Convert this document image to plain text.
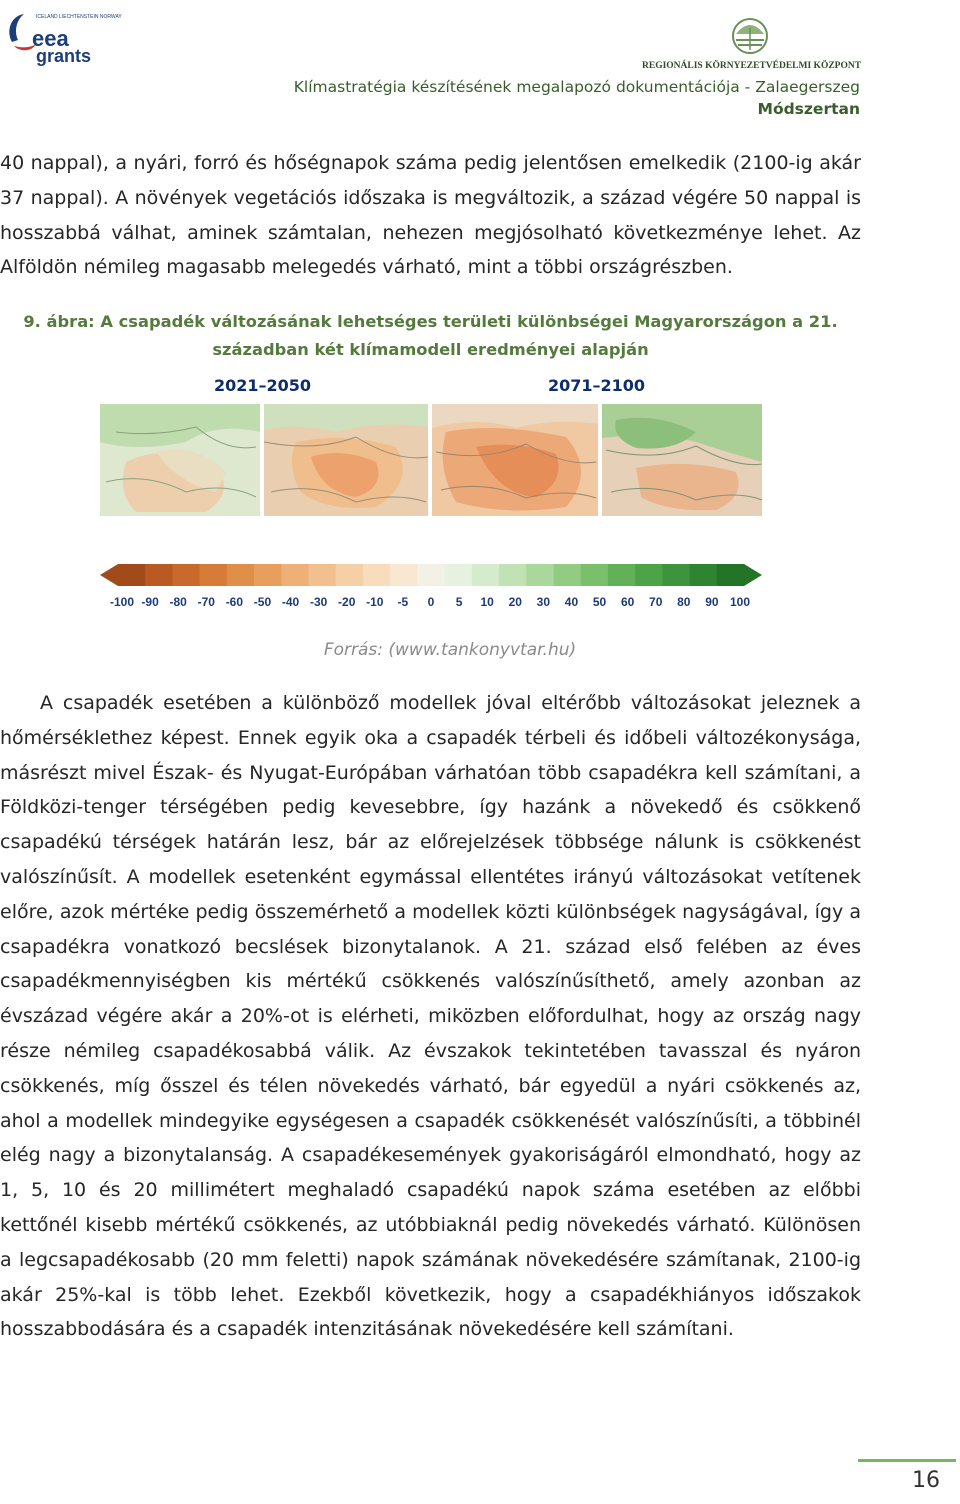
ICELAND LIECHTENSTEIN NORWAY
eea
grants	REGIONÁLIS KÖRNYEZETVÉDELMI KÖZPONT
Klímastratégia készítésének megalapozó dokumentációja - Zalaegerszeg
Módszertan
40 nappal), a nyári, forró és hőségnapok száma pedig jelentősen emelkedik (2100-ig akár 37 nappal). A növények vegetációs időszaka is megváltozik, a század végére 50 nappal is hosszabbá válhat, aminek számtalan, nehezen megjósolható következménye lehet. Az Alföldön némileg magasabb melegedés várható, mint a többi országrészben.
9. ábra: A csapadék változásának lehetséges területi különbségei Magyarországon a 21.
században két klímamodell eredményei alapján
2021–2050	2071–2100
-100 -90 -80 -70 -60 -50 -40 -30 -20 -10 -5 0 5 10 20 30 40 50 60 70 80 90 100
Forrás: (www.tankonyvtar.hu)
A csapadék esetében a különböző modellek jóval eltérőbb változásokat jeleznek a hőmérséklethez képest. Ennek egyik oka a csapadék térbeli és időbeli változékonysága, másrészt mivel Észak- és Nyugat-Európában várhatóan több csapadékra kell számítani, a Földközi-tenger térségében pedig kevesebbre, így hazánk a növekedő és csökkenő csapadékú térségek határán lesz, bár az előrejelzések többsége nálunk is csökkenést valószínűsít. A modellek esetenként egymással ellentétes irányú változásokat vetítenek előre, azok mértéke pedig összemérhető a modellek közti különbségek nagyságával, így a csapadékra vonatkozó becslések bizonytalanok. A 21. század első felében az éves csapadékmennyiségben kis mértékű csökkenés valószínűsíthető, amely azonban az évszázad végére akár a 20%-ot is elérheti, miközben előfordulhat, hogy az ország nagy része némileg csapadékosabbá válik. Az évszakok tekintetében tavasszal és nyáron csökkenés, míg ősszel és télen növekedés várható, bár egyedül a nyári csökkenés az, ahol a modellek mindegyike egységesen a csapadék csökkenését valószínűsíti, a többinél elég nagy a bizonytalanság. A csapadékesemények gyakoriságáról elmondható, hogy az 1, 5, 10 és 20 millimétert meghaladó csapadékú napok száma esetében az előbbi kettőnél kisebb mértékű csökkenés, az utóbbiaknál pedig növekedés várható. Különösen a legcsapadékosabb (20 mm feletti) napok számának növekedésére számítanak, 2100-ig akár 25%-kal is több lehet. Ezekből következik, hogy a csapadékhiányos időszakok hosszabbodására és a csapadék intenzitásának növekedésére kell számítani.
16
